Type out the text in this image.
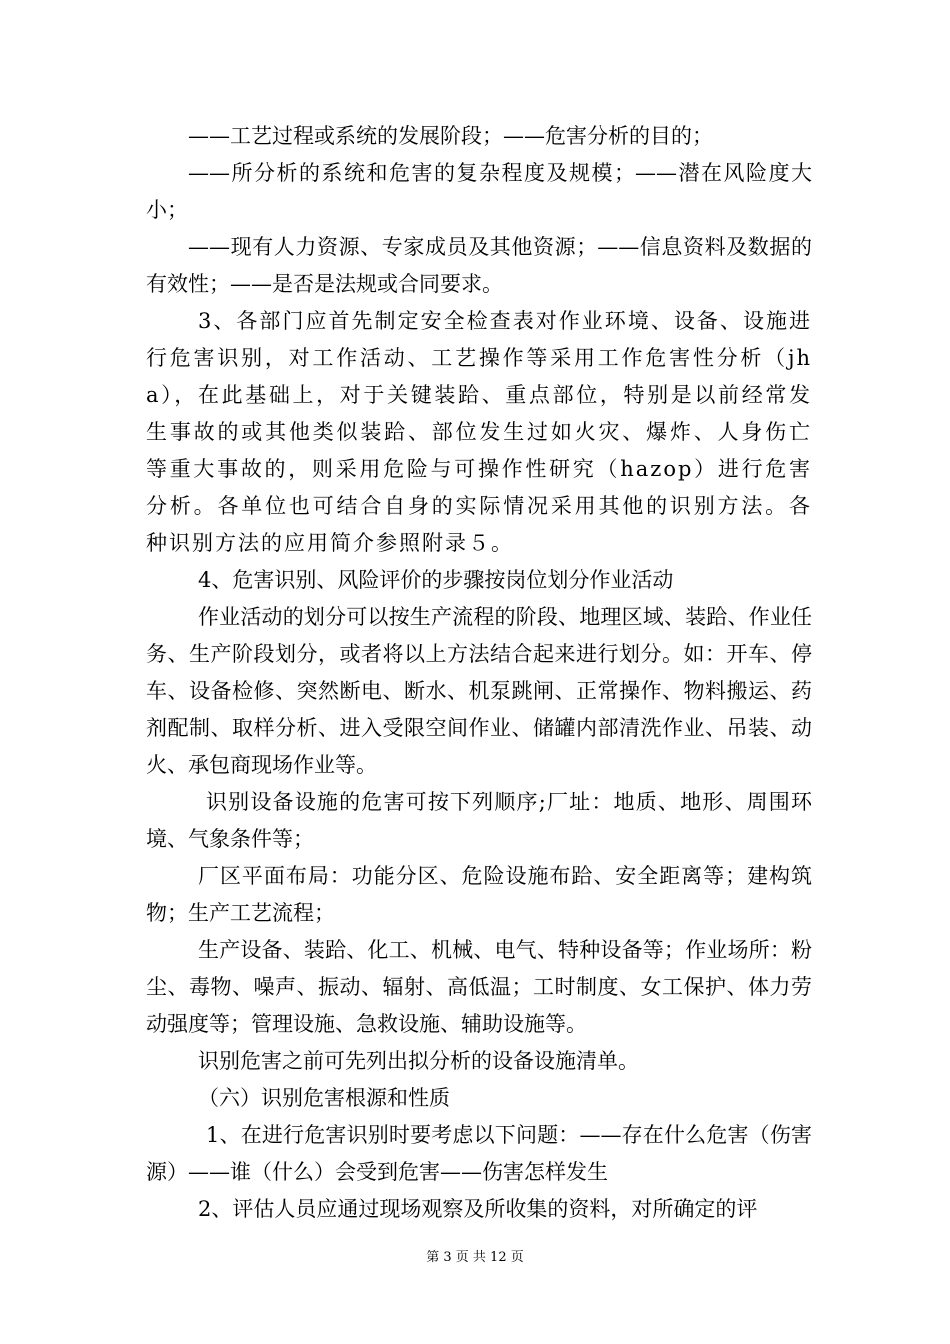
——工艺过程或系统的发展阶段；——危害分析的目的；

——所分析的系统和危害的复杂程度及规模；——潜在风险度大小；

——现有人力资源、专家成员及其他资源；——信息资料及数据的有效性；——是否是法规或合同要求。

3、各部门应首先制定安全检查表对作业环境、设备、设施进行危害识别，对工作活动、工艺操作等采用工作危害性分析（jha），在此基础上，对于关键装跲、重点部位，特别是以前经常发生事故的或其他类似装跲、部位发生过如火灾、爆炸、人身伤亡等重大事故的，则采用危险与可操作性研究（hazop）进行危害分析。各单位也可结合自身的实际情况采用其他的识别方法。各种识别方法的应用简介参照附录５。

4、危害识别、风险评价的步骤按岗位划分作业活动

作业活动的划分可以按生产流程的阶段、地理区域、装跲、作业任务、生产阶段划分，或者将以上方法结合起来进行划分。如：开车、停车、设备检修、突然断电、断水、机泵跳闸、正常操作、物料搬运、药剂配制、取样分析、进入受限空间作业、储罐内部清洗作业、吊装、动火、承包商现场作业等。

识别设备设施的危害可按下列顺序;厂址：地质、地形、周围环境、气象条件等；

厂区平面布局：功能分区、危险设施布跲、安全距离等；建构筑物；生产工艺流程；

生产设备、装跲、化工、机械、电气、特种设备等；作业场所：粉尘、毒物、噪声、振动、辐射、高低温；工时制度、女工保护、体力劳动强度等；管理设施、急救设施、辅助设施等。

识别危害之前可先列出拟分析的设备设施清单。

（六）识别危害根源和性质

1、在进行危害识别时要考虑以下问题：——存在什么危害（伤害源）——谁（什么）会受到危害——伤害怎样发生

2、评估人员应通过现场观察及所收集的资料，对所确定的评

第 3 页 共 12 页
